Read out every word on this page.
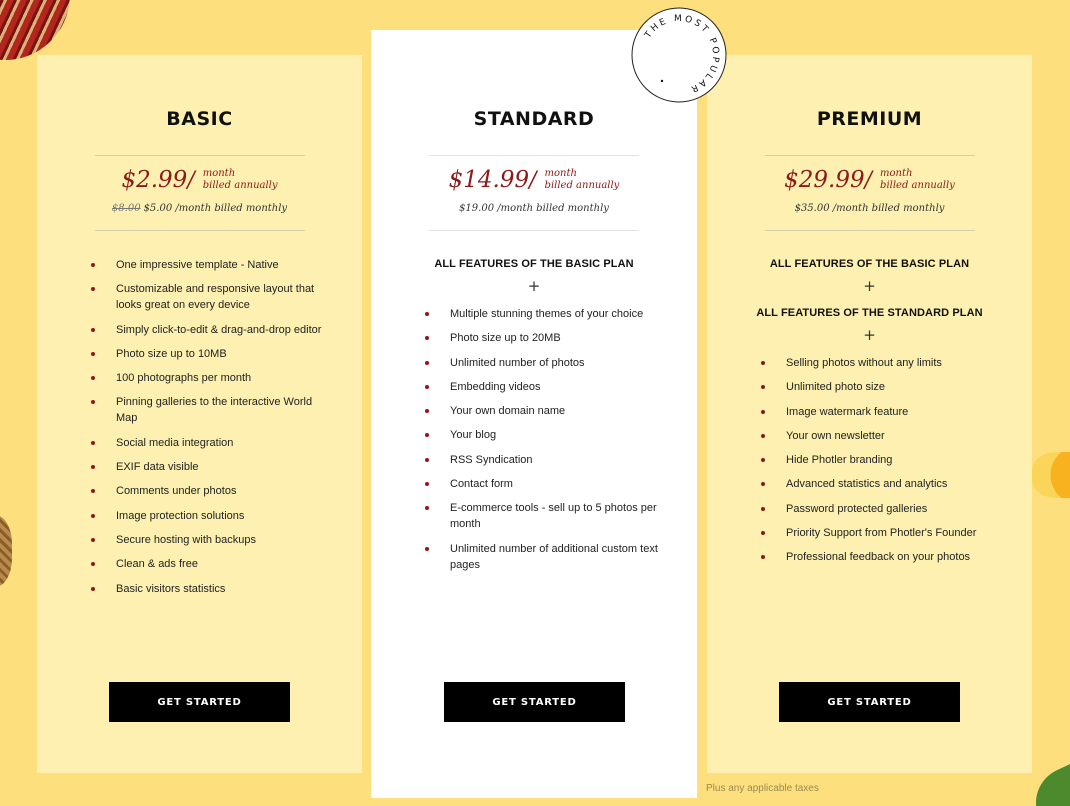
BASIC
$2.99 / month
billed annually
$8.00 $5.00 /month billed monthly
One impressive template - Native
Customizable and responsive layout that looks great on every device
Simply click-to-edit & drag-and-drop editor
Photo size up to 10MB
100 photographs per month
Pinning galleries to the interactive World Map
Social media integration
EXIF data visible
Comments under photos
Image protection solutions
Secure hosting with backups
Clean & ads free
Basic visitors statistics
GET STARTED
STANDARD
$14.99 / month
billed annually
$19.00 /month billed monthly
ALL FEATURES OF THE BASIC PLAN
+
Multiple stunning themes of your choice
Photo size up to 20MB
Unlimited number of photos
Embedding videos
Your own domain name
Your blog
RSS Syndication
Contact form
E-commerce tools - sell up to 5 photos per month
Unlimited number of additional custom text pages
GET STARTED
PREMIUM
$29.99 / month
billed annually
$35.00 /month billed monthly
ALL FEATURES OF THE BASIC PLAN
+
ALL FEATURES OF THE STANDARD PLAN
+
Selling photos without any limits
Unlimited photo size
Image watermark feature
Your own newsletter
Hide Photler branding
Advanced statistics and analytics
Password protected galleries
Priority Support from Photler's Founder
Professional feedback on your photos
GET STARTED
THE MOST POPULAR
Plus any applicable taxes
